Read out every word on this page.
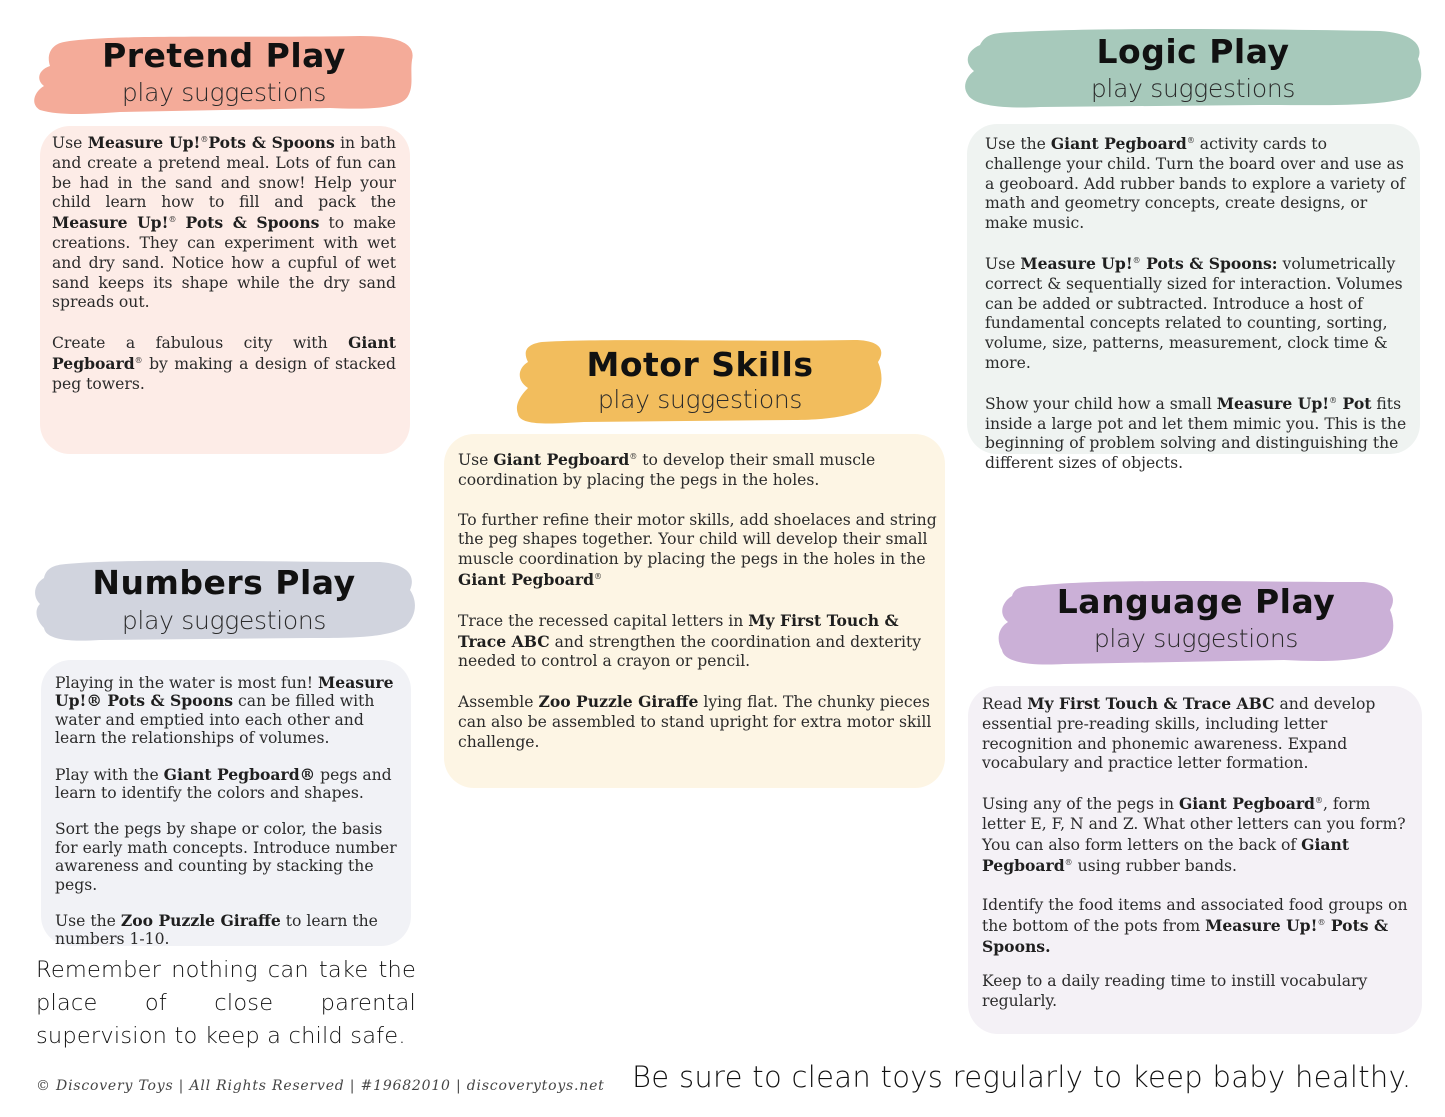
Pretend Play
play suggestions

Use Measure Up!®Pots & Spoons in bath and create a pretend meal. Lots of fun can be had in the sand and snow! Help your child learn how to fill and pack the Measure Up!® Pots & Spoons to make creations. They can experiment with wet and dry sand. Notice how a cupful of wet sand keeps its shape while the dry sand spreads out.

Create a fabulous city with Giant Pegboard® by making a design of stacked peg towers.

Logic Play
play suggestions

Use the Giant Pegboard® activity cards to challenge your child. Turn the board over and use as a geoboard. Add rubber bands to explore a variety of math and geometry concepts, create designs, or make music.

Use Measure Up!® Pots & Spoons: volumetrically correct & sequentially sized for interaction. Volumes can be added or subtracted. Introduce a host of fundamental concepts related to counting, sorting, volume, size, patterns, measurement, clock time & more.

Show your child how a small Measure Up!® Pot fits inside a large pot and let them mimic you. This is the beginning of problem solving and distinguishing the different sizes of objects.

Motor Skills
play suggestions

Use Giant Pegboard® to develop their small muscle coordination by placing the pegs in the holes.

To further refine their motor skills, add shoelaces and string the peg shapes together. Your child will develop their small muscle coordination by placing the pegs in the holes in the Giant Pegboard®

Trace the recessed capital letters in My First Touch & Trace ABC and strengthen the coordination and dexterity needed to control a crayon or pencil.

Assemble Zoo Puzzle Giraffe lying flat. The chunky pieces can also be assembled to stand upright for extra motor skill challenge.

Numbers Play
play suggestions

Playing in the water is most fun! Measure Up!® Pots & Spoons can be filled with water and emptied into each other and learn the relationships of volumes.

Play with the Giant Pegboard® pegs and learn to identify the colors and shapes.

Sort the pegs by shape or color, the basis for early math concepts. Introduce number awareness and counting by stacking the pegs.

Use the Zoo Puzzle Giraffe to learn the numbers 1-10.

Language Play
play suggestions

Read My First Touch & Trace ABC and develop essential pre-reading skills, including letter recognition and phonemic awareness. Expand vocabulary and practice letter formation.

Using any of the pegs in Giant Pegboard®, form letter E, F, N and Z. What other letters can you form? You can also form letters on the back of Giant Pegboard® using rubber bands.

Identify the food items and associated food groups on the bottom of the pots from Measure Up!® Pots & Spoons.

Keep to a daily reading time to instill vocabulary regularly.

Remember nothing can take the place of close parental supervision to keep a child safe.
© Discovery Toys | All Rights Reserved | #19682010 | discoverytoys.net Be sure to clean toys regularly to keep baby healthy.
